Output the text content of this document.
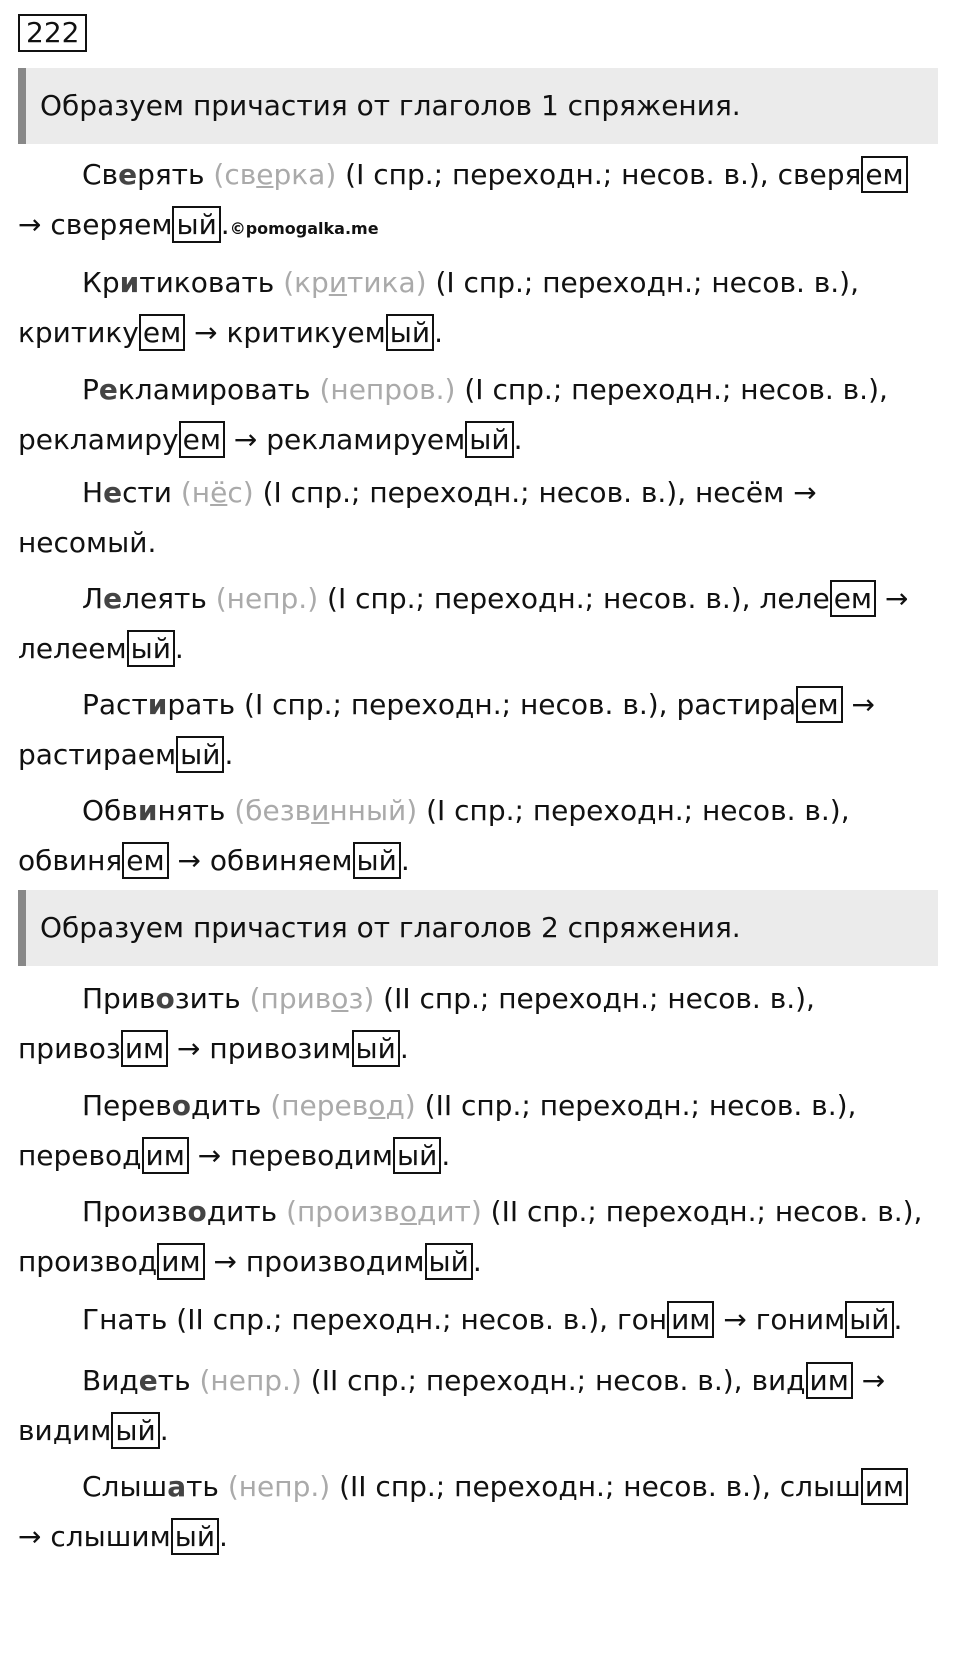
222
Образуем причастия от глаголов 1 спряжения.
Сверять (сверка) (I спр.; переходн.; несов. в.), сверя ем
→ сверяем ый .©pomogalka.me
Критиковать (критика) (I спр.; переходн.; несов. в.),
критику ем → критикуем ый .
Рекламировать (непров.) (I спр.; переходн.; несов. в.),
рекламиру ем → рекламируем ый .
Нести (нёс) (I спр.; переходн.; несов. в.), несём →
несомый.
Лелеять (непр.) (I спр.; переходн.; несов. в.), леле ем →
лелеем ый .
Растирать (I спр.; переходн.; несов. в.), растира ем →
растираем ый .
Обвинять (безвинный) (I спр.; переходн.; несов. в.),
обвиня ем → обвиняем ый .
Образуем причастия от глаголов 2 спряжения.
Привозить (привоз) (II спр.; переходн.; несов. в.),
привоз им → привозим ый .
Переводить (перевод) (II спр.; переходн.; несов. в.),
перевод им → переводим ый .
Производить (производит) (II спр.; переходн.; несов. в.),
производ им → производим ый .
Гнать (II спр.; переходн.; несов. в.), гон им → гоним ый .
Видеть (непр.) (II спр.; переходн.; несов. в.), вид им →
видим ый .
Слышать (непр.) (II спр.; переходн.; несов. в.), слыш им
→ слышим ый .
